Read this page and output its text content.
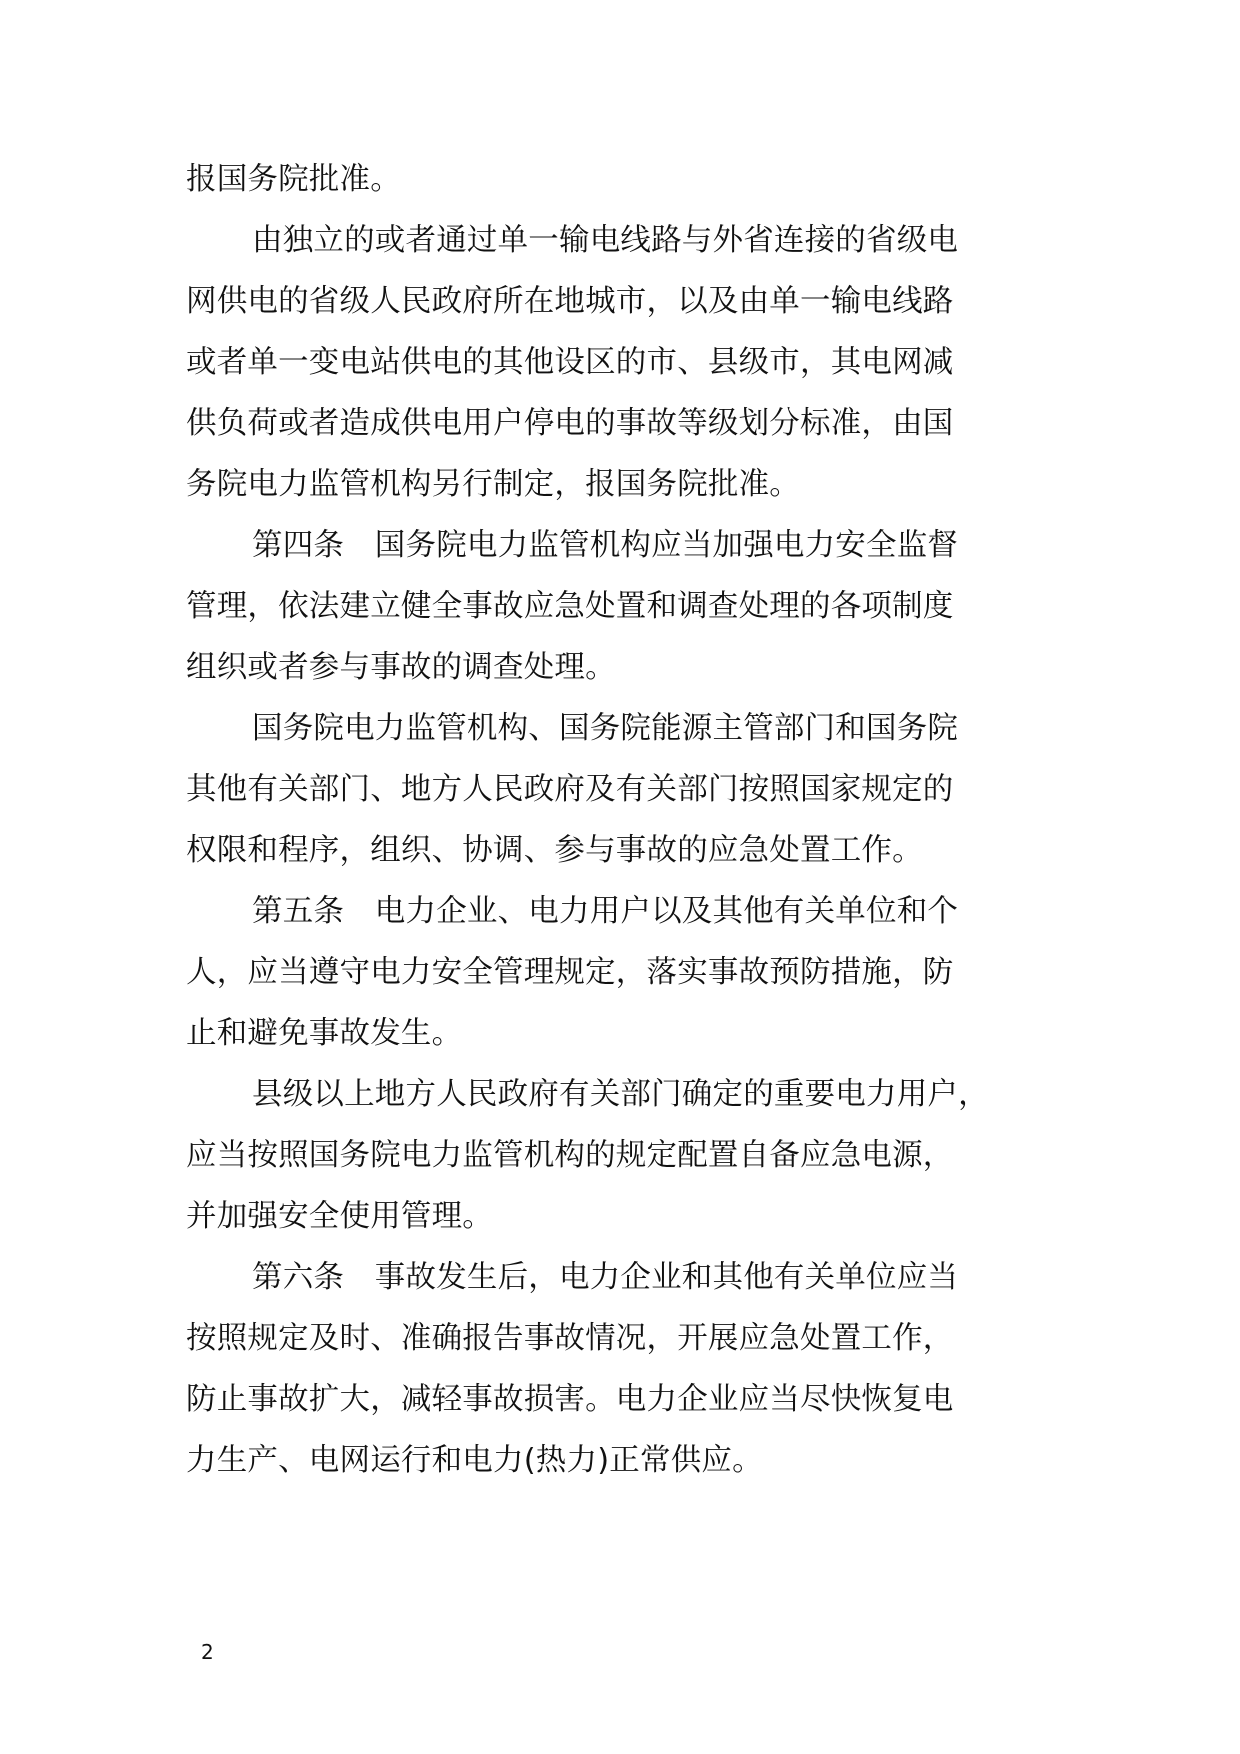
报国务院批准。
由独立的或者通过单一输电线路与外省连接的省级电
网供电的省级人民政府所在地城市，以及由单一输电线路
或者单一变电站供电的其他设区的市、县级市，其电网减
供负荷或者造成供电用户停电的事故等级划分标准，由国
务院电力监管机构另行制定，报国务院批准。
第四条　国务院电力监管机构应当加强电力安全监督
管理，依法建立健全事故应急处置和调查处理的各项制度
组织或者参与事故的调查处理。
国务院电力监管机构、国务院能源主管部门和国务院
其他有关部门、地方人民政府及有关部门按照国家规定的
权限和程序，组织、协调、参与事故的应急处置工作。
第五条　电力企业、电力用户以及其他有关单位和个
人，应当遵守电力安全管理规定，落实事故预防措施，防
止和避免事故发生。
县级以上地方人民政府有关部门确定的重要电力用户，
应当按照国务院电力监管机构的规定配置自备应急电源，
并加强安全使用管理。
第六条　事故发生后，电力企业和其他有关单位应当
按照规定及时、准确报告事故情况，开展应急处置工作，
防止事故扩大，减轻事故损害。电力企业应当尽快恢复电
力生产、电网运行和电力(热力)正常供应。
2
